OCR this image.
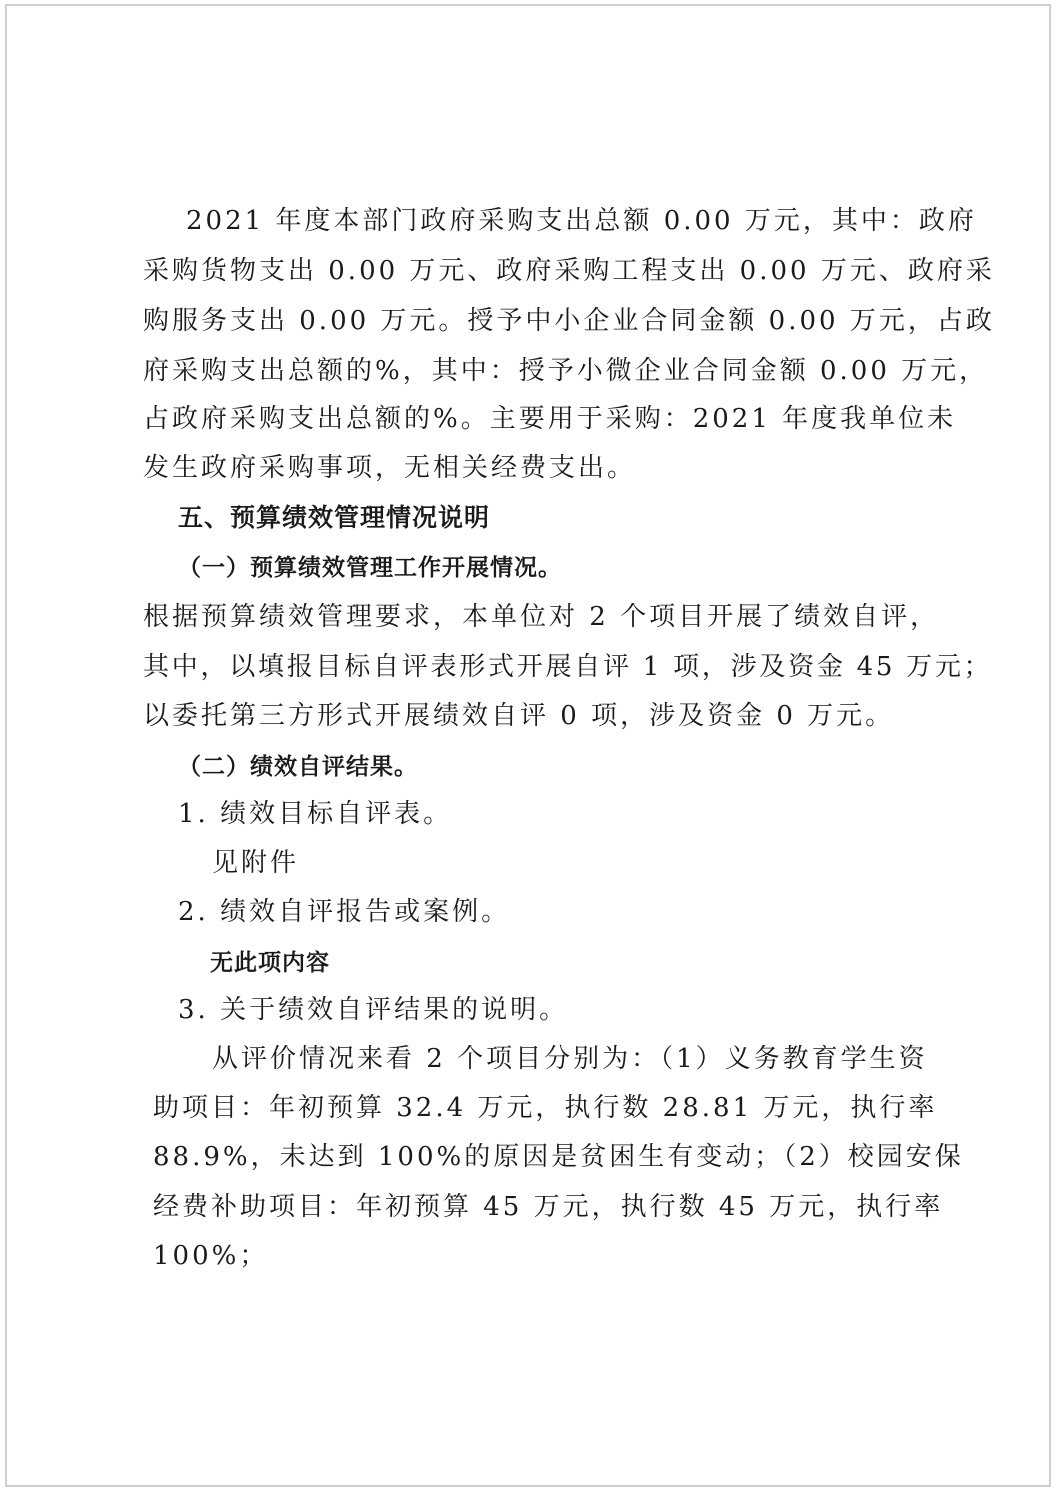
2021 年度本部门政府采购支出总额 0.00 万元，其中：政府
采购货物支出 0.00 万元、政府采购工程支出 0.00 万元、政府采
购服务支出 0.00 万元。授予中小企业合同金额 0.00 万元，占政
府采购支出总额的%，其中：授予小微企业合同金额 0.00 万元，
占政府采购支出总额的%。主要用于采购：2021 年度我单位未
发生政府采购事项，无相关经费支出。
五、预算绩效管理情况说明
（一）预算绩效管理工作开展情况。
根据预算绩效管理要求，本单位对 2 个项目开展了绩效自评，
其中，以填报目标自评表形式开展自评 1 项，涉及资金 45 万元；
以委托第三方形式开展绩效自评 0 项，涉及资金 0 万元。
（二）绩效自评结果。
1. 绩效目标自评表。
见附件
2. 绩效自评报告或案例。
无此项内容
3. 关于绩效自评结果的说明。
从评价情况来看 2 个项目分别为：（1）义务教育学生资
助项目：年初预算 32.4 万元，执行数 28.81 万元，执行率
88.9%，未达到 100%的原因是贫困生有变动；（2）校园安保
经费补助项目：年初预算 45 万元，执行数 45 万元，执行率
100%；
